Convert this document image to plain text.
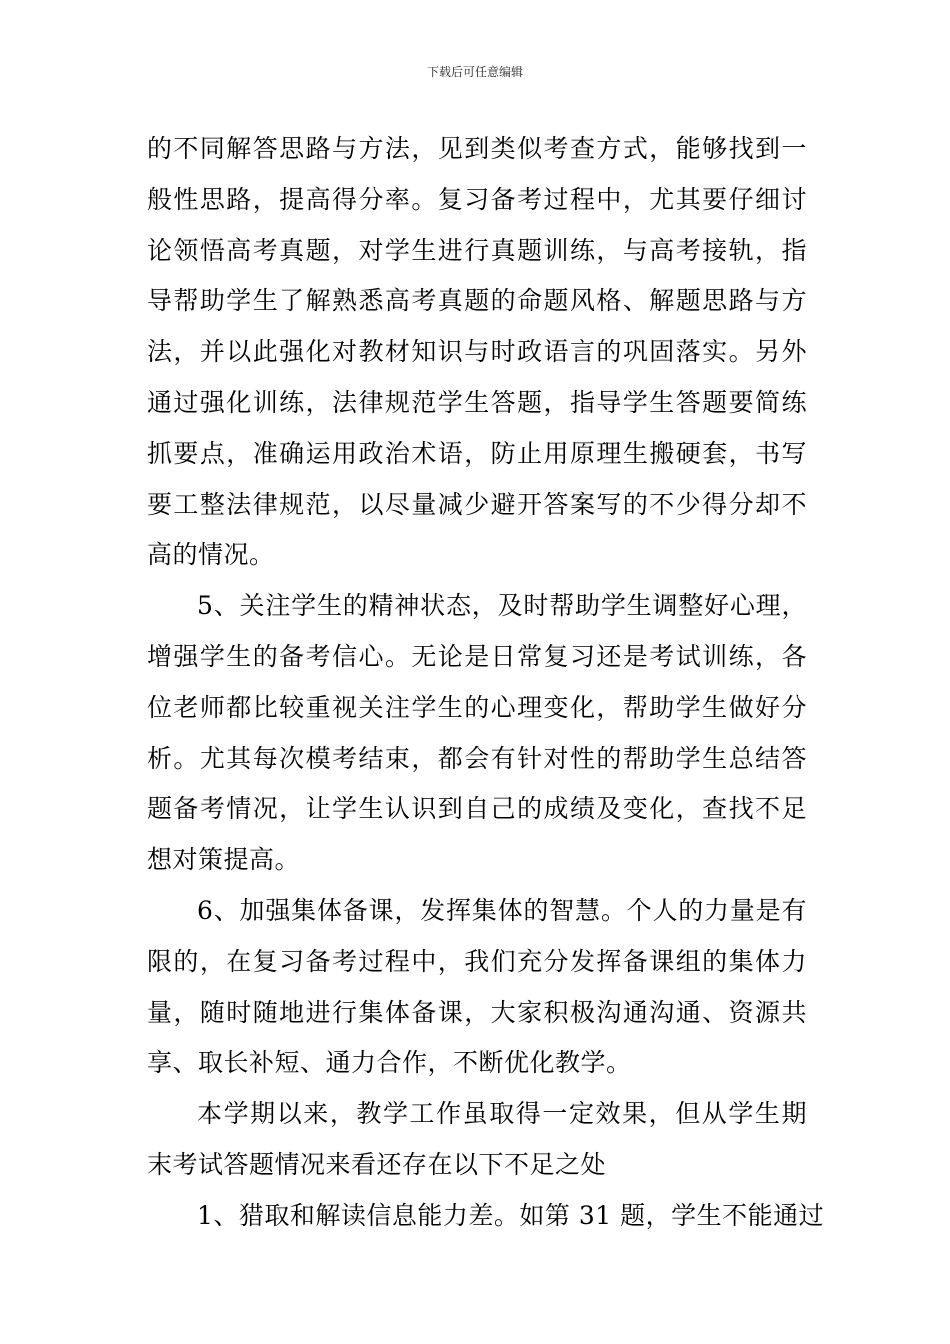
下载后可任意编辑
的不同解答思路与方法，见到类似考查方式，能够找到一
般性思路，提高得分率。复习备考过程中，尤其要仔细讨
论领悟高考真题，对学生进行真题训练，与高考接轨，指
导帮助学生了解熟悉高考真题的命题风格、解题思路与方
法，并以此强化对教材知识与时政语言的巩固落实。另外
通过强化训练，法律规范学生答题，指导学生答题要简练
抓要点，准确运用政治术语，防止用原理生搬硬套，书写
要工整法律规范，以尽量减少避开答案写的不少得分却不
高的情况。
5、关注学生的精神状态，及时帮助学生调整好心理，
增强学生的备考信心。无论是日常复习还是考试训练，各
位老师都比较重视关注学生的心理变化，帮助学生做好分
析。尤其每次模考结束，都会有针对性的帮助学生总结答
题备考情况，让学生认识到自己的成绩及变化，查找不足
想对策提高。
6、加强集体备课，发挥集体的智慧。个人的力量是有
限的，在复习备考过程中，我们充分发挥备课组的集体力
量，随时随地进行集体备课，大家积极沟通沟通、资源共
享、取长补短、通力合作，不断优化教学。
本学期以来，教学工作虽取得一定效果，但从学生期
末考试答题情况来看还存在以下不足之处
1、猎取和解读信息能力差。如第 31 题，学生不能通过
